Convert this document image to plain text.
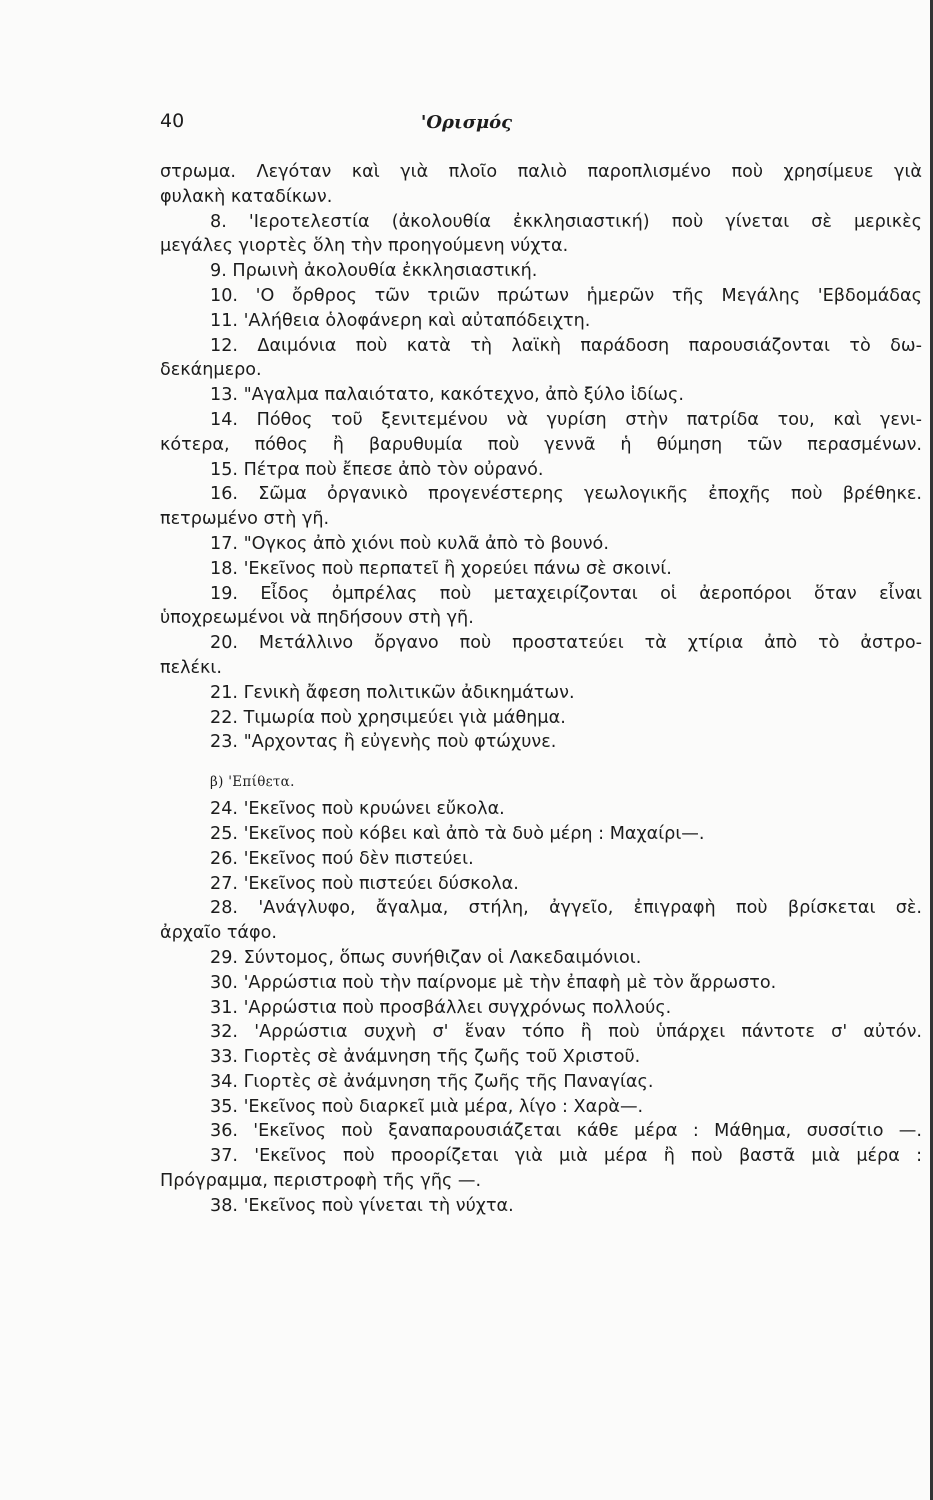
40	'Ορισμός
στρωμα. Λεγόταν καὶ γιὰ πλοῖο παλιὸ παροπλισμένο ποὺ χρησίμευε γιὰ
φυλακὴ καταδίκων.
8. 'Ιεροτελεστία (ἀκολουθία ἐκκλησιαστική) ποὺ γίνεται σὲ μερικὲς
μεγάλες γιορτὲς ὅλη τὴν προηγούμενη νύχτα.
9. Πρωινὴ ἀκολουθία ἐκκλησιαστική.
10. 'Ο ὄρθρος τῶν τριῶν πρώτων ἡμερῶν τῆς Μεγάλης 'Εβδομάδας
11. 'Αλήθεια ὁλοφάνερη καὶ αὐταπόδειχτη.
12. Δαιμόνια ποὺ κατὰ τὴ λαϊκὴ παράδοση παρουσιάζονται τὸ δω-
δεκάημερο.
13. "Αγαλμα παλαιότατο, κακότεχνο, ἀπὸ ξύλο ἰδίως.
14. Πόθος τοῦ ξενιτεμένου νὰ γυρίση στὴν πατρίδα του, καὶ γενι-
κότερα, πόθος ἢ βαρυθυμία ποὺ γεννᾶ ἡ θύμηση τῶν περασμένων.
15. Πέτρα ποὺ ἔπεσε ἀπὸ τὸν οὐρανό.
16. Σῶμα ὀργανικὸ προγενέστερης γεωλογικῆς ἐποχῆς ποὺ βρέθηκε.
πετρωμένο στὴ γῆ.
17. "Ογκος ἀπὸ χιόνι ποὺ κυλᾶ ἀπὸ τὸ βουνό.
18. 'Εκεῖνος ποὺ περπατεῖ ἢ χορεύει πάνω σὲ σκοινί.
19. Εἶδος ὀμπρέλας ποὺ μεταχειρίζονται οἱ ἀεροπόροι ὅταν εἶναι
ὑποχρεωμένοι νὰ πηδήσουν στὴ γῆ.
20. Μετάλλινο ὄργανο ποὺ προστατεύει τὰ χτίρια ἀπὸ τὸ ἀστρο-
πελέκι.
21. Γενικὴ ἄφεση πολιτικῶν ἀδικημάτων.
22. Τιμωρία ποὺ χρησιμεύει γιὰ μάθημα.
23. "Αρχοντας ἢ εὐγενὴς ποὺ φτώχυνε.
β) 'Επίθετα.
24. 'Εκεῖνος ποὺ κρυώνει εὔκολα.
25. 'Εκεῖνος ποὺ κόβει καὶ ἀπὸ τὰ δυὸ μέρη : Μαχαίρι—.
26. 'Εκεῖνος πού δὲν πιστεύει.
27. 'Εκεῖνος ποὺ πιστεύει δύσκολα.
28. 'Ανάγλυφο, ἄγαλμα, στήλη, ἀγγεῖο, ἐπιγραφὴ ποὺ βρίσκεται σὲ.
ἀρχαῖο τάφο.
29. Σύντομος, ὅπως συνήθιζαν οἱ Λακεδαιμόνιοι.
30. 'Αρρώστια ποὺ τὴν παίρνομε μὲ τὴν ἐπαφὴ μὲ τὸν ἄρρωστο.
31. 'Αρρώστια ποὺ προσβάλλει συγχρόνως πολλούς.
32. 'Αρρώστια συχνὴ σ' ἕναν τόπο ἢ ποὺ ὑπάρχει πάντοτε σ' αὐτόν.
33. Γιορτὲς σὲ ἀνάμνηση τῆς ζωῆς τοῦ Χριστοῦ.
34. Γιορτὲς σὲ ἀνάμνηση τῆς ζωῆς τῆς Παναγίας.
35. 'Εκεῖνος ποὺ διαρκεῖ μιὰ μέρα, λίγο : Χαρὰ—.
36. 'Εκεῖνος ποὺ ξαναπαρουσιάζεται κάθε μέρα : Μάθημα, συσσίτιο —.
37. 'Εκεῖνος ποὺ προορίζεται γιὰ μιὰ μέρα ἢ ποὺ βαστᾶ μιὰ μέρα :
Πρόγραμμα, περιστροφὴ τῆς γῆς —.
38. 'Εκεῖνος ποὺ γίνεται τὴ νύχτα.
